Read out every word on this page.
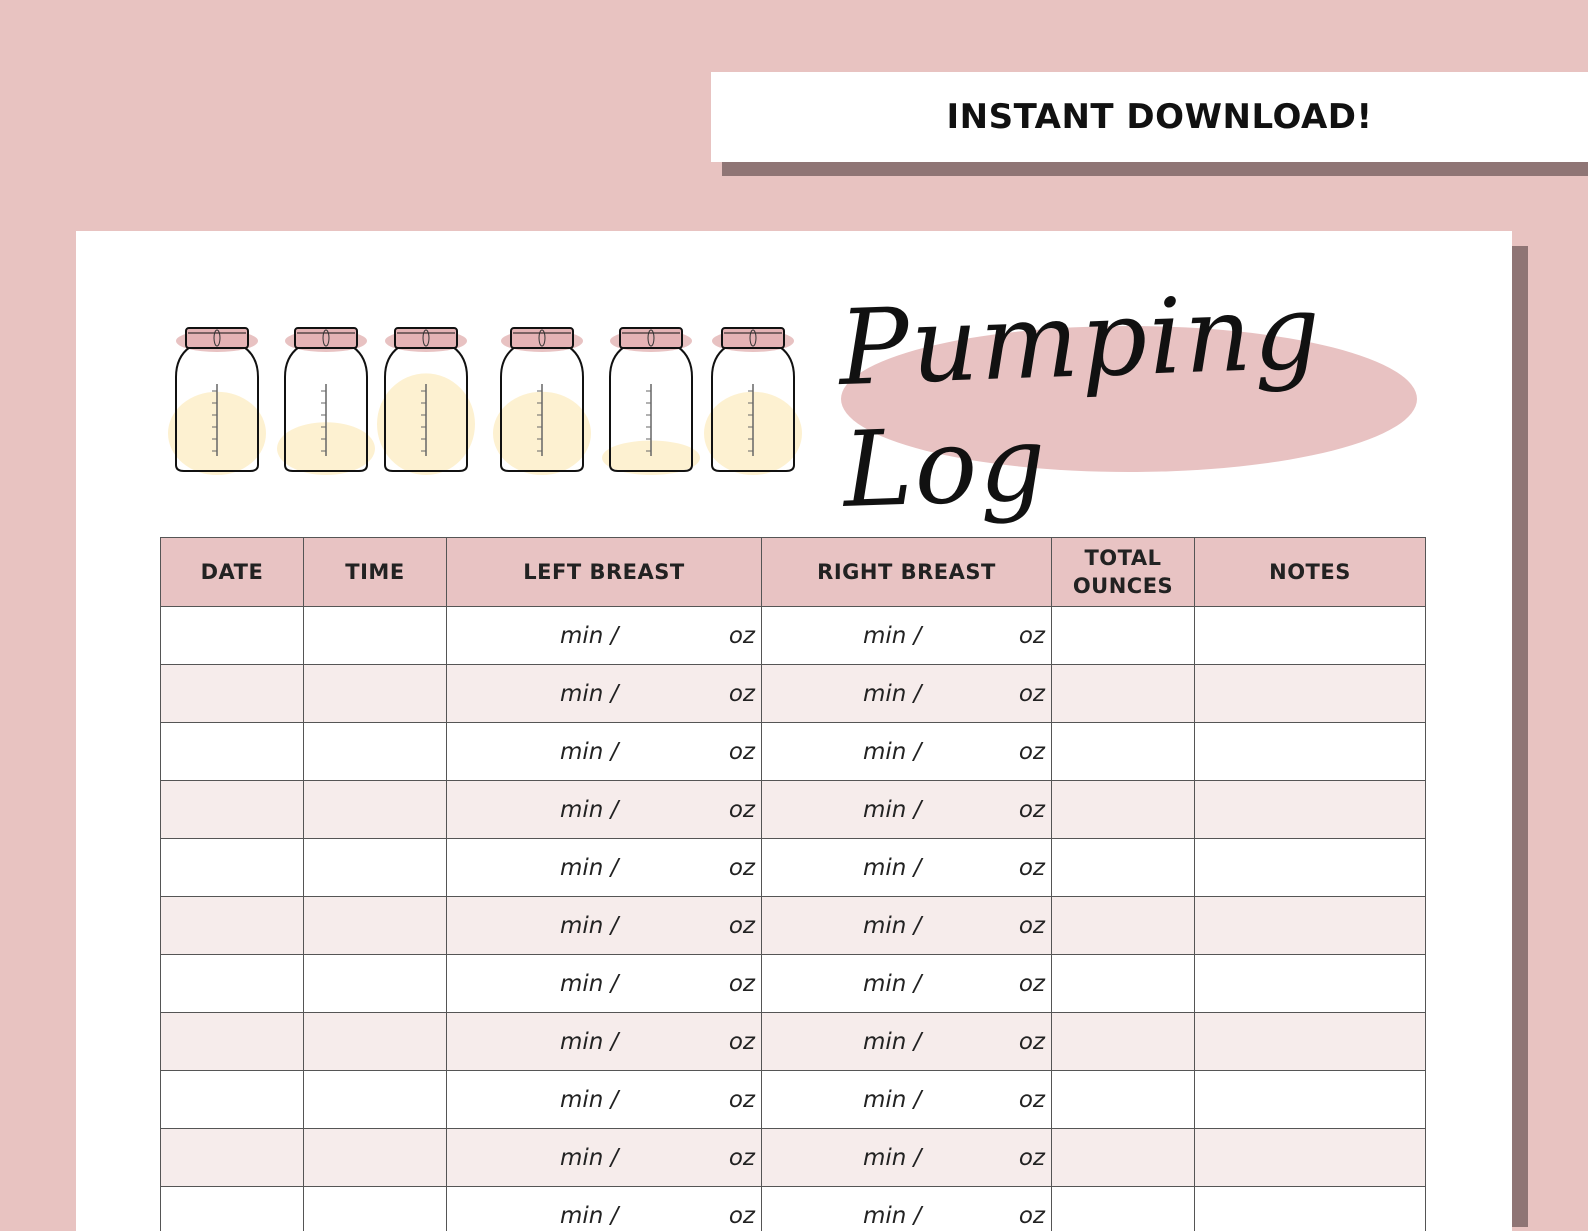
INSTANT DOWNLOAD!
Pumping Log
DATE	TIME	LEFT BREAST	RIGHT BREAST	TOTAL OUNCES	NOTES

		min / oz	min / oz		

		min / oz	min / oz		

		min / oz	min / oz		

		min / oz	min / oz		

		min / oz	min / oz		

		min / oz	min / oz		

		min / oz	min / oz		

		min / oz	min / oz		

		min / oz	min / oz		

		min / oz	min / oz		

		min / oz	min / oz		
